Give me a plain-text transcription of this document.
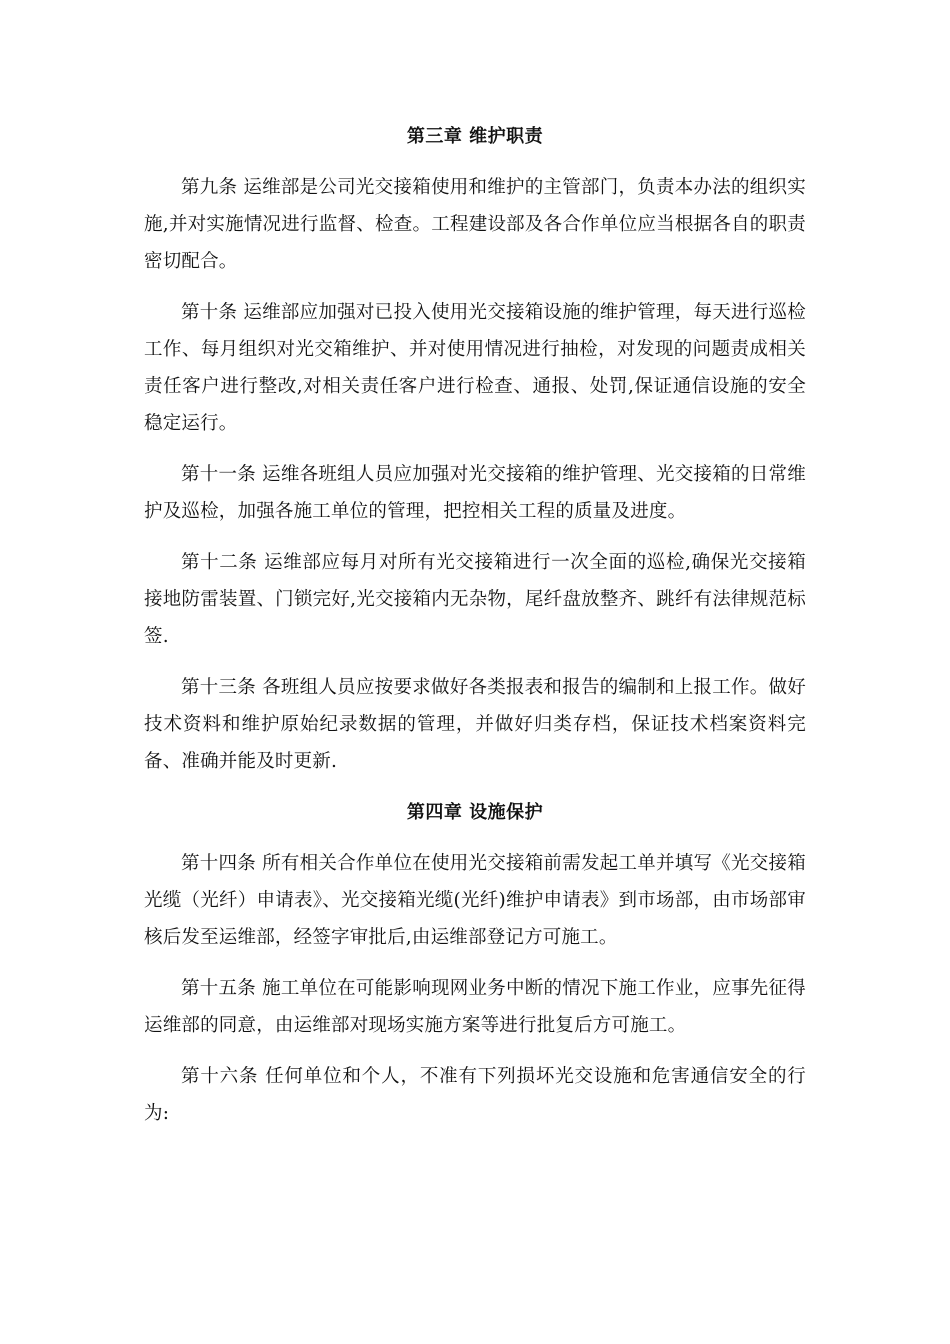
第三章 维护职责

第九条 运维部是公司光交接箱使用和维护的主管部门，负责本办法的组织实施,并对实施情况进行监督、检查。工程建设部及各合作单位应当根据各自的职责密切配合。

第十条 运维部应加强对已投入使用光交接箱设施的维护管理，每天进行巡检工作、每月组织对光交箱维护、并对使用情况进行抽检，对发现的问题责成相关责任客户进行整改,对相关责任客户进行检查、通报、处罚,保证通信设施的安全稳定运行。

第十一条 运维各班组人员应加强对光交接箱的维护管理、光交接箱的日常维护及巡检，加强各施工单位的管理，把控相关工程的质量及进度。

第十二条 运维部应每月对所有光交接箱进行一次全面的巡检,确保光交接箱接地防雷装置、门锁完好,光交接箱内无杂物，尾纤盘放整齐、跳纤有法律规范标签.

第十三条 各班组人员应按要求做好各类报表和报告的编制和上报工作。做好技术资料和维护原始纪录数据的管理，并做好归类存档，保证技术档案资料完备、准确并能及时更新.

第四章 设施保护

第十四条 所有相关合作单位在使用光交接箱前需发起工单并填写《光交接箱光缆（光纤）申请表》、光交接箱光缆(光纤)维护申请表》到市场部，由市场部审核后发至运维部，经签字审批后,由运维部登记方可施工。

第十五条 施工单位在可能影响现网业务中断的情况下施工作业，应事先征得运维部的同意，由运维部对现场实施方案等进行批复后方可施工。

第十六条 任何单位和个人，不准有下列损坏光交设施和危害通信安全的行为:
